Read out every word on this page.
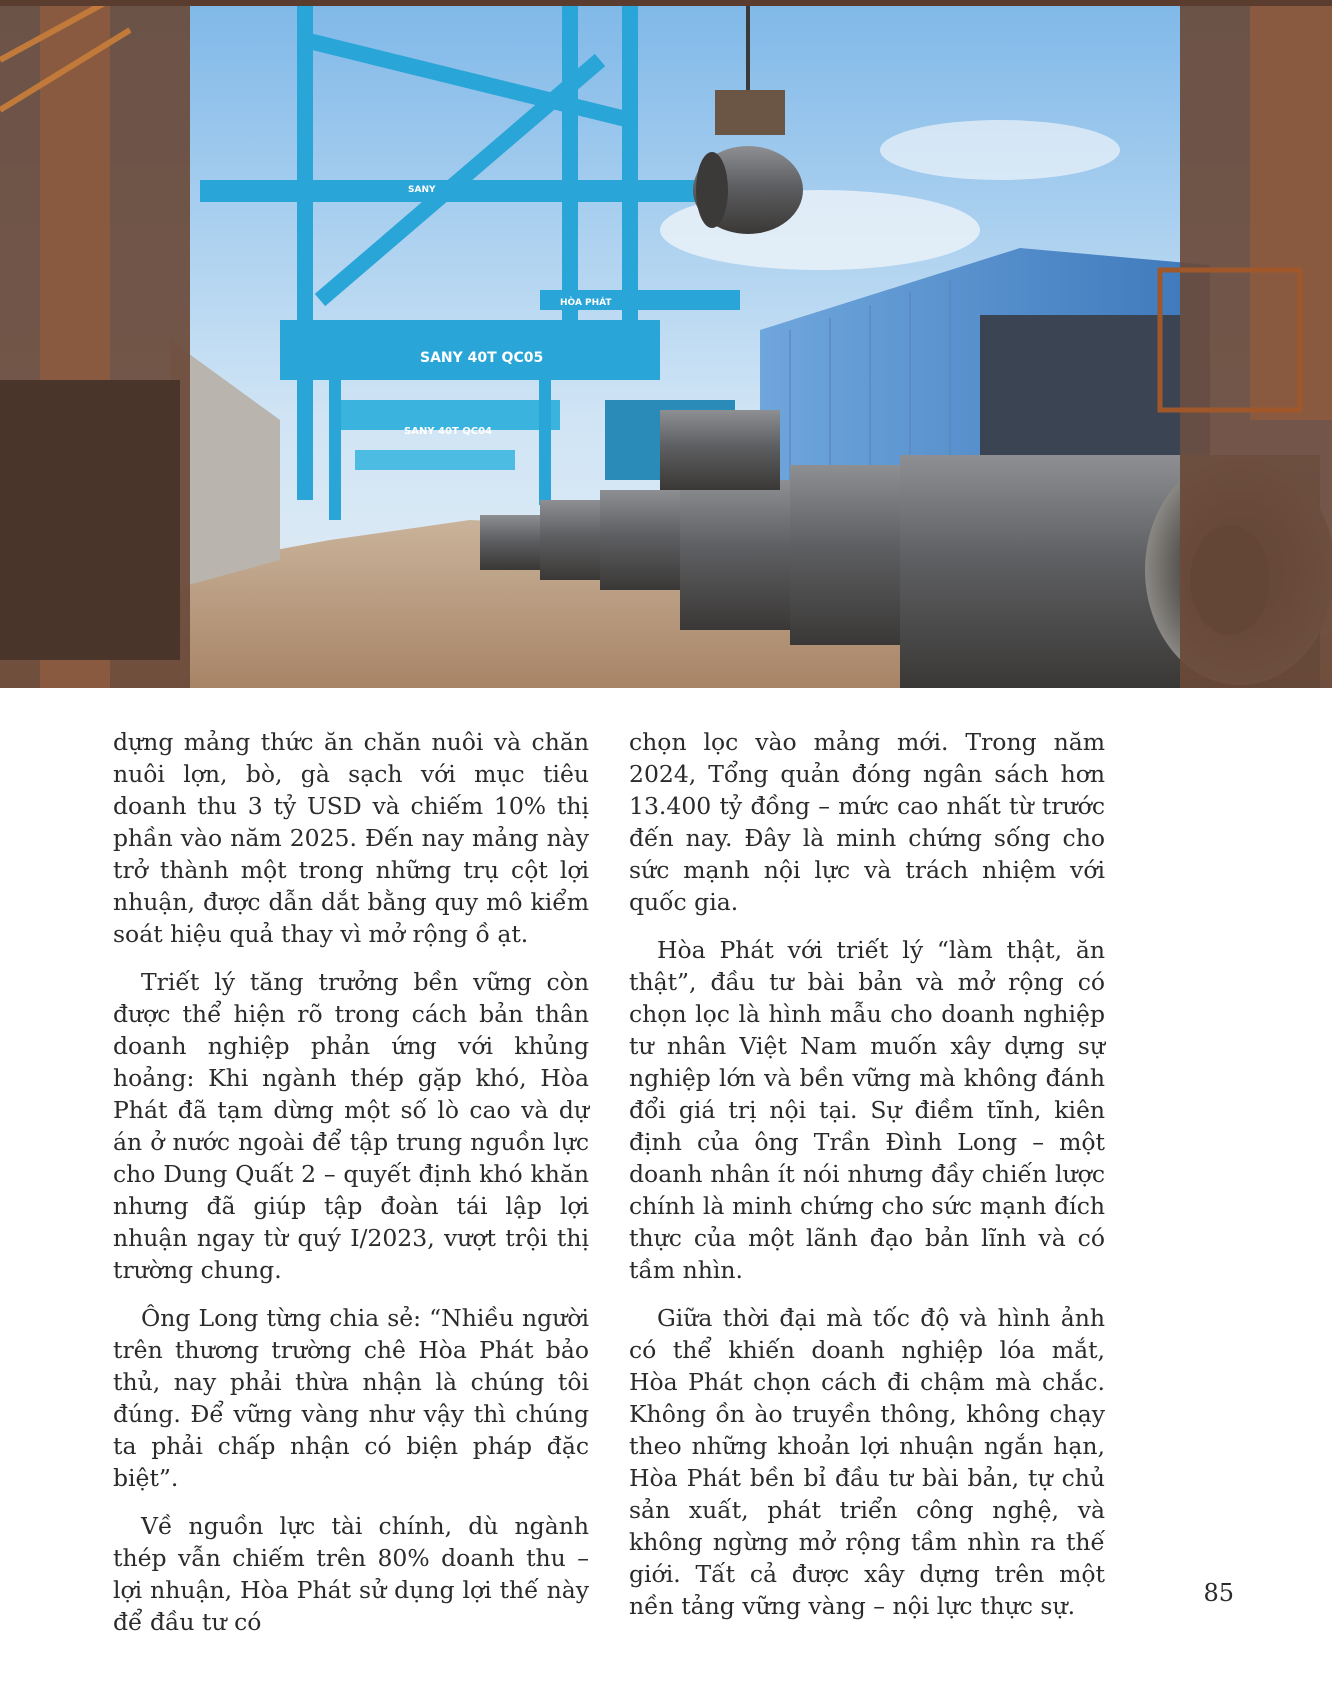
SANY 40T QC05
SANY 40T QC04
SANY
HÒA PHÁT

dựng mảng thức ăn chăn nuôi và chăn nuôi lợn, bò, gà sạch với mục tiêu doanh thu 3 tỷ USD và chiếm 10% thị phần vào năm 2025. Đến nay mảng này trở thành một trong những trụ cột lợi nhuận, được dẫn dắt bằng quy mô kiểm soát hiệu quả thay vì mở rộng ồ ạt.

Triết lý tăng trưởng bền vững còn được thể hiện rõ trong cách bản thân doanh nghiệp phản ứng với khủng hoảng: Khi ngành thép gặp khó, Hòa Phát đã tạm dừng một số lò cao và dự án ở nước ngoài để tập trung nguồn lực cho Dung Quất 2 – quyết định khó khăn nhưng đã giúp tập đoàn tái lập lợi nhuận ngay từ quý I/2023, vượt trội thị trường chung.

Ông Long từng chia sẻ: “Nhiều người trên thương trường chê Hòa Phát bảo thủ, nay phải thừa nhận là chúng tôi đúng. Để vững vàng như vậy thì chúng ta phải chấp nhận có biện pháp đặc biệt”.

Về nguồn lực tài chính, dù ngành thép vẫn chiếm trên 80% doanh thu – lợi nhuận, Hòa Phát sử dụng lợi thế này để đầu tư có

chọn lọc vào mảng mới. Trong năm 2024, Tổng quản đóng ngân sách hơn 13.400 tỷ đồng – mức cao nhất từ trước đến nay. Đây là minh chứng sống cho sức mạnh nội lực và trách nhiệm với quốc gia.

Hòa Phát với triết lý “làm thật, ăn thật”, đầu tư bài bản và mở rộng có chọn lọc là hình mẫu cho doanh nghiệp tư nhân Việt Nam muốn xây dựng sự nghiệp lớn và bền vững mà không đánh đổi giá trị nội tại. Sự điềm tĩnh, kiên định của ông Trần Đình Long – một doanh nhân ít nói nhưng đầy chiến lược chính là minh chứng cho sức mạnh đích thực của một lãnh đạo bản lĩnh và có tầm nhìn.

Giữa thời đại mà tốc độ và hình ảnh có thể khiến doanh nghiệp lóa mắt, Hòa Phát chọn cách đi chậm mà chắc. Không ồn ào truyền thông, không chạy theo những khoản lợi nhuận ngắn hạn, Hòa Phát bền bỉ đầu tư bài bản, tự chủ sản xuất, phát triển công nghệ, và không ngừng mở rộng tầm nhìn ra thế giới. Tất cả được xây dựng trên một nền tảng vững vàng – nội lực thực sự.	85
